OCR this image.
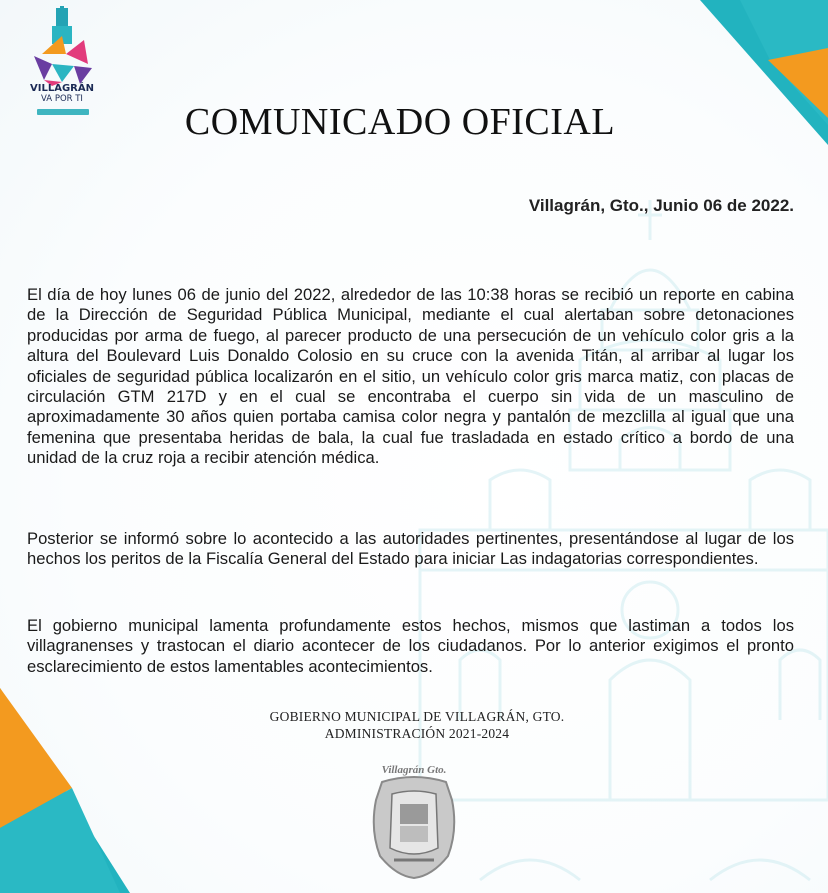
VILLAGRÁN
VA POR TI
COMUNICADO OFICIAL
Villagrán, Gto., Junio 06 de 2022.

El día de hoy lunes 06 de junio del 2022, alrededor de las 10:38 horas se recibió un reporte en cabina de la Dirección de Seguridad Pública Municipal, mediante el cual alertaban sobre detonaciones producidas por arma de fuego, al parecer producto de una persecución de un vehículo color gris a la altura del Boulevard Luis Donaldo Colosio en su cruce con la avenida Titán, al arribar al lugar los oficiales de seguridad pública localizarón en el sitio, un vehículo color gris marca matiz, con placas de circulación GTM 217D y en el cual se encontraba el cuerpo sin vida de un masculino de aproximadamente 30 años quien portaba camisa color negra y pantalón de mezclilla al igual que una femenina que presentaba heridas de bala, la cual fue trasladada en estado crítico a bordo de una unidad de la cruz roja a recibir atención médica.

Posterior se informó sobre lo acontecido a las autoridades pertinentes, presentándose al lugar de los hechos los peritos de la Fiscalía General del Estado para iniciar Las indagatorias correspondientes.

El gobierno municipal lamenta profundamente estos hechos, mismos que lastiman a todos los villagranenses y trastocan el diario acontecer de los ciudadanos. Por lo anterior exigimos el pronto esclarecimiento de estos lamentables acontecimientos.

GOBIERNO MUNICIPAL DE VILLAGRÁN, GTO.
ADMINISTRACIÓN 2021-2024
Villagrán Gto.
